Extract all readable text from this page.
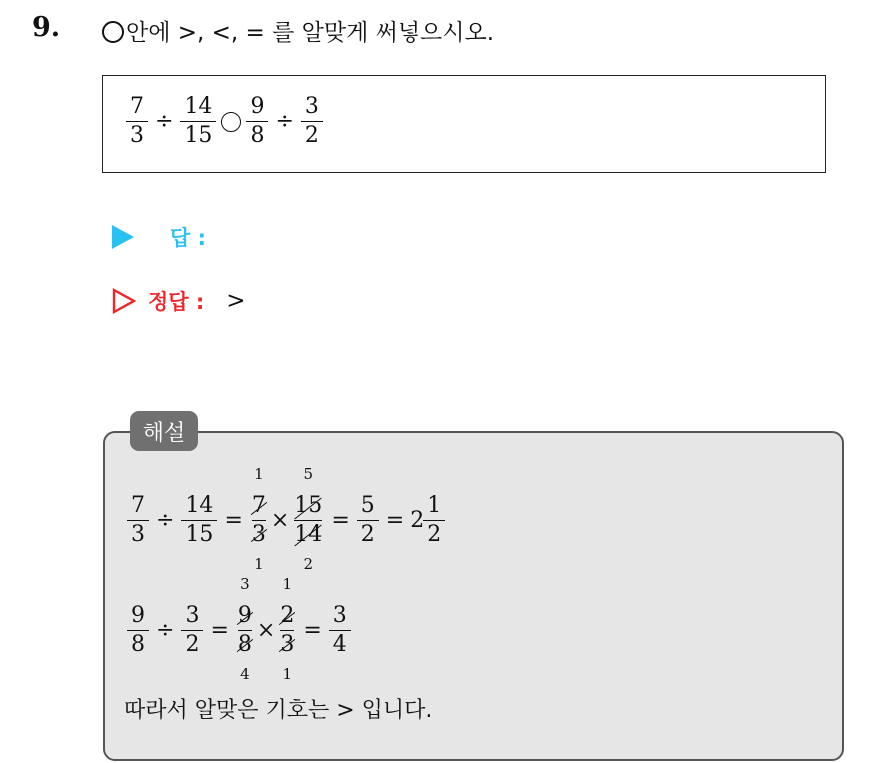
9.	안에 >, <, = 를 알맞게 써넣으시오.
$\frac{7}{3} \div \frac{14}{15} \frac{9}{8} \div \frac{3}{2}$
답 :
정답 : >
해설
$\frac{7}{3} \div \frac{14}{15} = 7$
1
3
1 × 15
5
14
$2 = \frac{5}{2} = 2 \frac{1}{2}$
$\frac{9}{8} \div \frac{3}{2} = 9$
3
8
4 × 2
1
3
$1 = \frac{3}{4}$
따라서 알맞은 기호는 > 입니다.
